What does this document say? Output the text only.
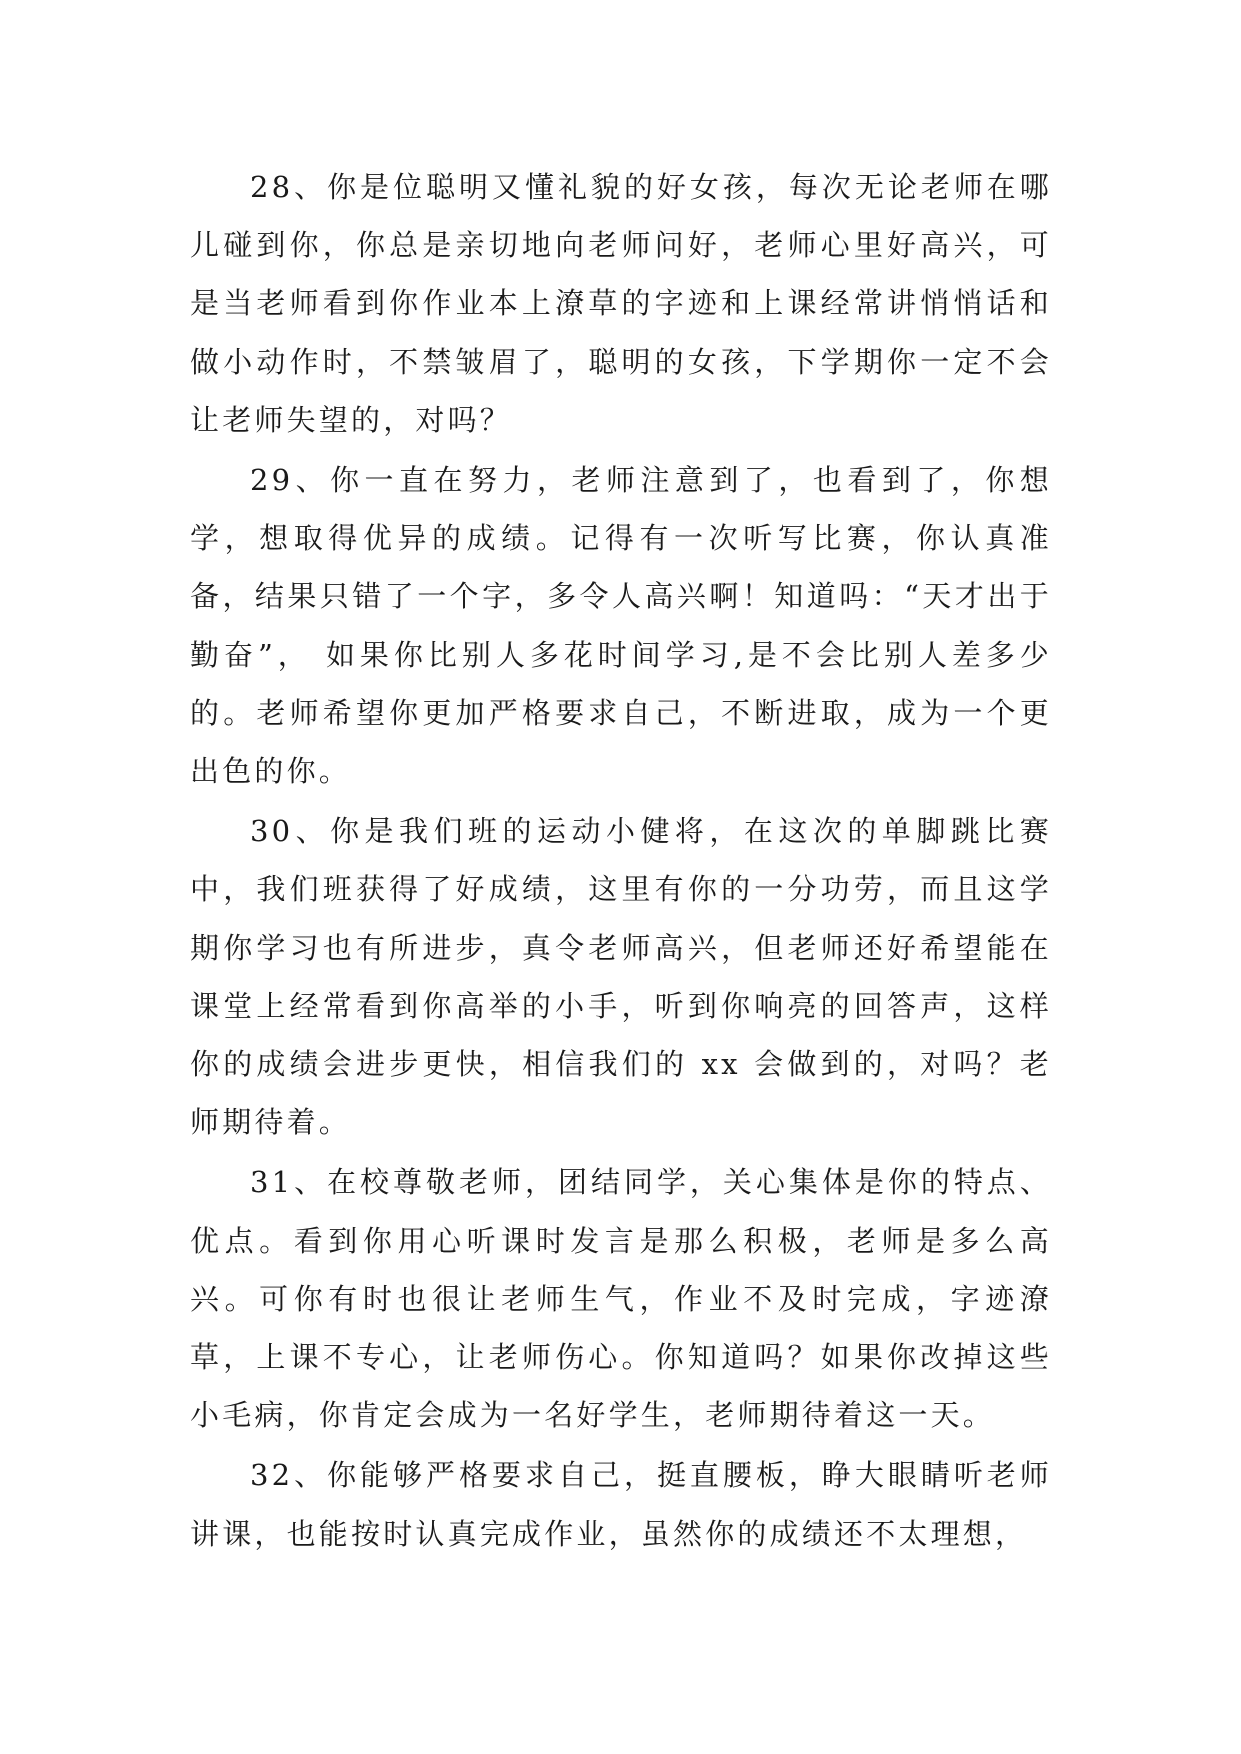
28、你是位聪明又懂礼貌的好女孩，每次无论老师在哪儿碰到你，你总是亲切地向老师问好，老师心里好高兴，可是当老师看到你作业本上潦草的字迹和上课经常讲悄悄话和做小动作时，不禁皱眉了，聪明的女孩，下学期你一定不会让老师失望的，对吗？

29、你一直在努力，老师注意到了，也看到了，你想学，想取得优异的成绩。记得有一次听写比赛，你认真准备，结果只错了一个字，多令人高兴啊！知道吗：“天才出于勤奋”， 如果你比别人多花时间学习,是不会比别人差多少的。老师希望你更加严格要求自己，不断进取，成为一个更出色的你。

30、你是我们班的运动小健将，在这次的单脚跳比赛中，我们班获得了好成绩，这里有你的一分功劳，而且这学期你学习也有所进步，真令老师高兴，但老师还好希望能在课堂上经常看到你高举的小手，听到你响亮的回答声，这样你的成绩会进步更快，相信我们的 xx 会做到的，对吗？老师期待着。

31、在校尊敬老师，团结同学，关心集体是你的特点、优点。看到你用心听课时发言是那么积极，老师是多么高兴。可你有时也很让老师生气，作业不及时完成，字迹潦草，上课不专心，让老师伤心。你知道吗？如果你改掉这些小毛病，你肯定会成为一名好学生，老师期待着这一天。

32、你能够严格要求自己，挺直腰板，睁大眼睛听老师讲课，也能按时认真完成作业，虽然你的成绩还不太理想，
